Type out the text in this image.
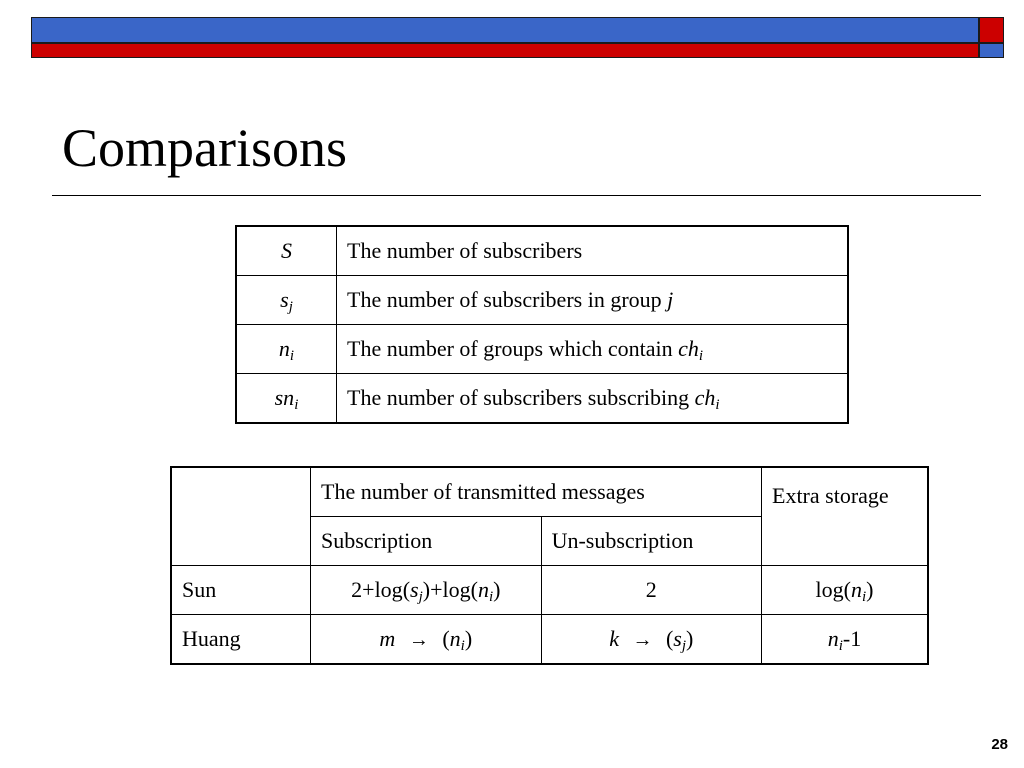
Comparisons
S	The number of subscribers
$s_j$	The number of subscribers in group j
$n_i$	The number of groups which contain $ch_i$
$sn_i$	The number of subscribers subscribing $ch_i$
	The number of transmitted messages		Extra storage
	Subscription	Un-subscription	
Sun	$2+\log(s_j)+\log(n_i)$	2	$\log(n_i)$
Huang	$m \to (n_i)$	$k \to (s_j)$	$n_i-1$
28
